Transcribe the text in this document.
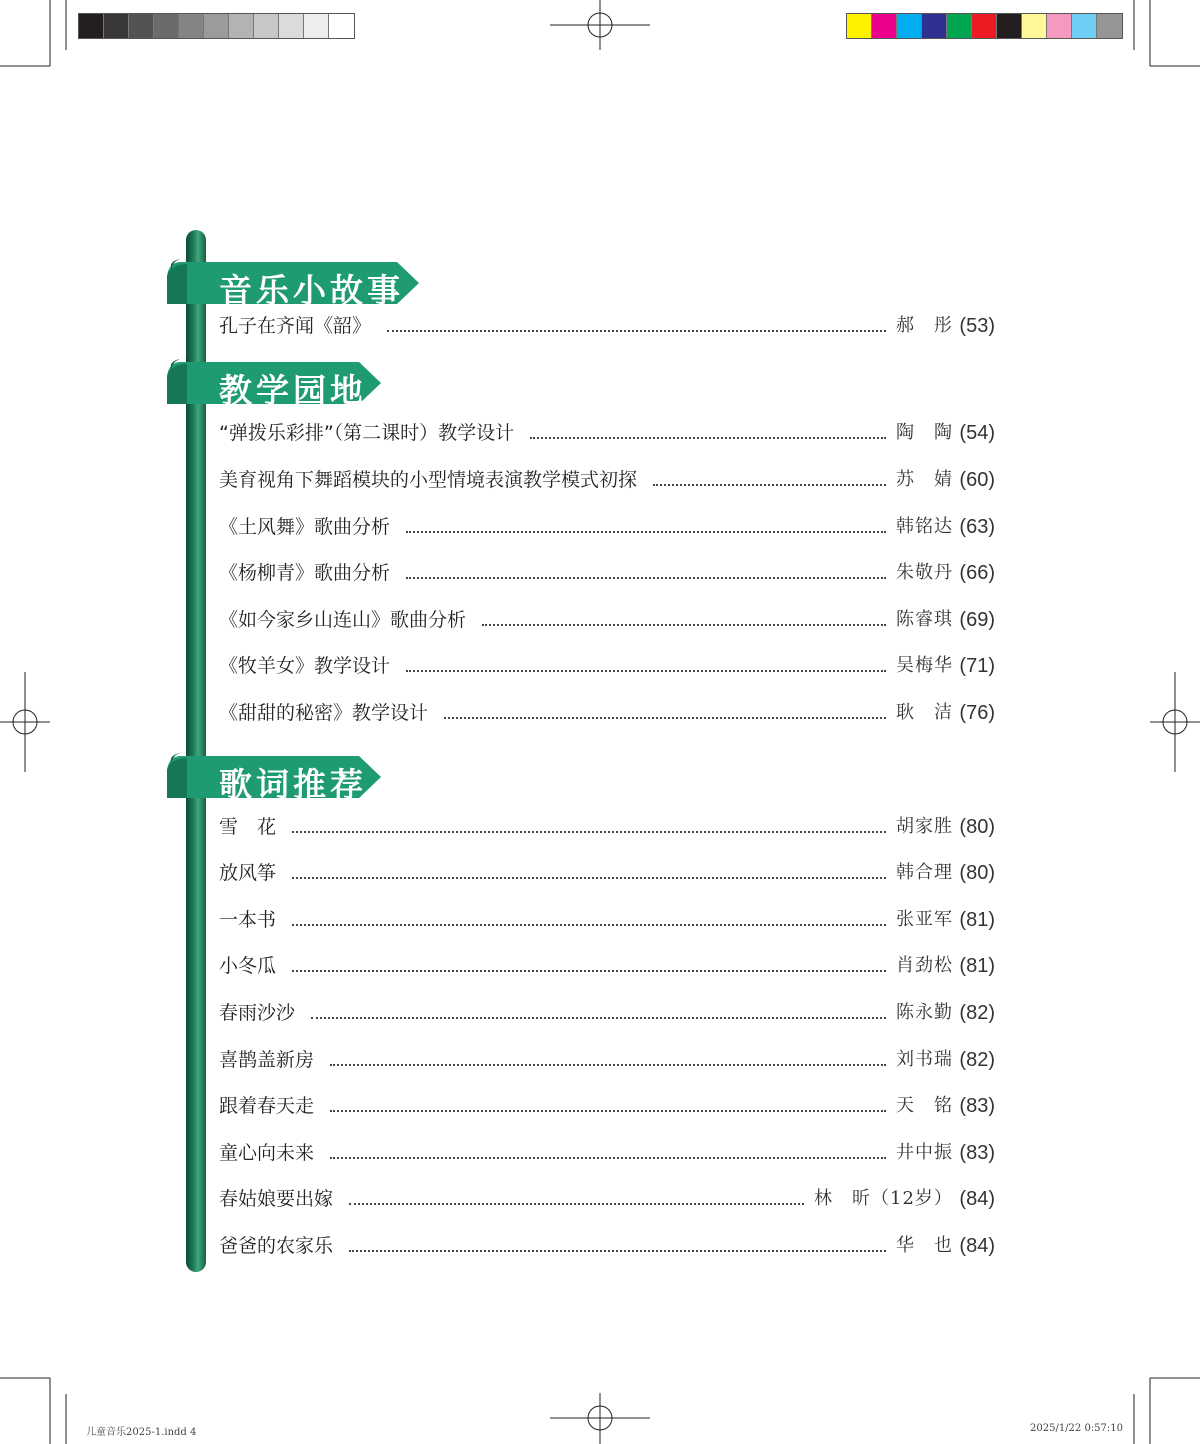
音乐小故事
孔子在齐闻《韶》	郝　彤 (53)
教学园地
“弹拨乐彩排”（第二课时）教学设计	陶　陶 (54)
美育视角下舞蹈模块的小型情境表演教学模式初探	苏　婧 (60)
《土风舞》歌曲分析	韩铭达 (63)
《杨柳青》歌曲分析	朱敬丹 (66)
《如今家乡山连山》歌曲分析	陈睿琪 (69)
《牧羊女》教学设计	吴梅华 (71)
《甜甜的秘密》教学设计	耿　洁 (76)
歌词推荐
雪　花	胡家胜 (80)
放风筝	韩合理 (80)
一本书	张亚军 (81)
小冬瓜	肖劲松 (81)
春雨沙沙	陈永勤 (82)
喜鹊盖新房	刘书瑞 (82)
跟着春天走	天　铭 (83)
童心向未来	井中振 (83)
春姑娘要出嫁	林　昕（12岁） (84)
爸爸的农家乐	华　也 (84)
儿童音乐2025-1.indd 4	2025/1/22 0:57:10
